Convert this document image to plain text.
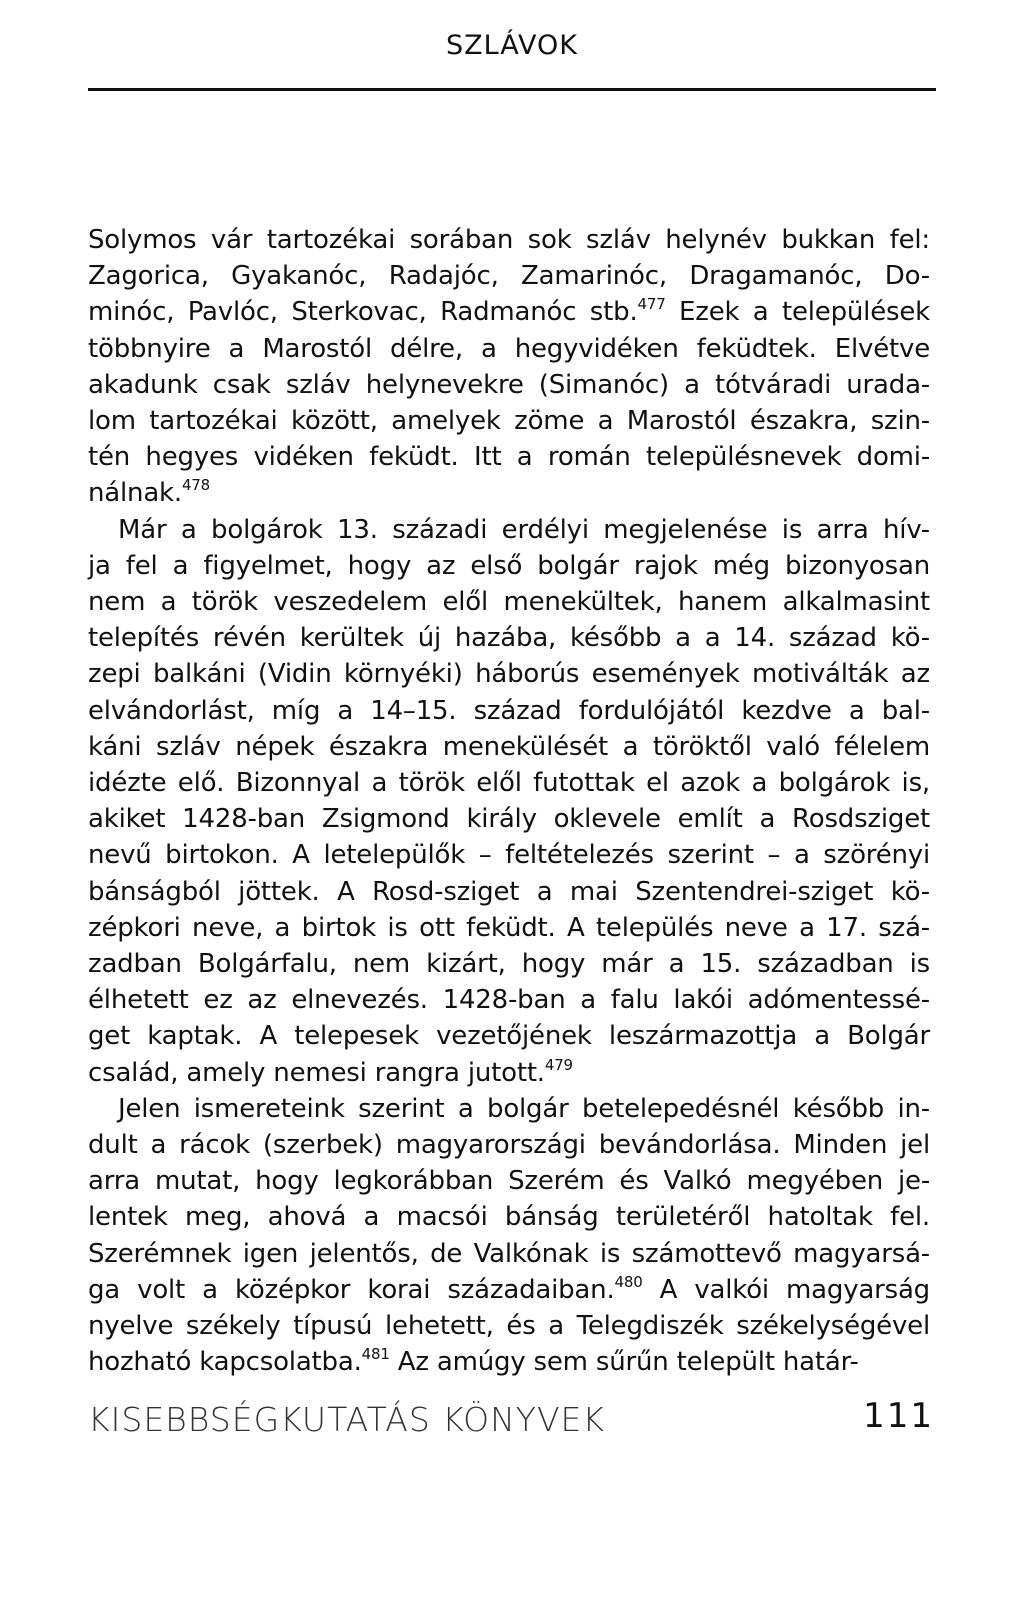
SZLÁVOK
Solymos vár tartozékai sorában sok szláv helynév bukkan fel:
Zagorica, Gyakanóc, Radajóc, Zamarinóc, Dragamanóc, Do-
minóc, Pavlóc, Sterkovac, Radmanóc stb.$^{477}$ Ezek a települések
többnyire a Marostól délre, a hegyvidéken feküdtek. Elvétve
akadunk csak szláv helynevekre (Simanóc) a tótváradi urada-
lom tartozékai között, amelyek zöme a Marostól északra, szin-
tén hegyes vidéken feküdt. Itt a román településnevek domi-
nálnak.$^{478}$
Már a bolgárok 13. századi erdélyi megjelenése is arra hív-
ja fel a figyelmet, hogy az első bolgár rajok még bizonyosan
nem a török veszedelem elől menekültek, hanem alkalmasint
telepítés révén kerültek új hazába, később a a 14. század kö-
zepi balkáni (Vidin környéki) háborús események motiválták az
elvándorlást, míg a 14–15. század fordulójától kezdve a bal-
káni szláv népek északra menekülését a töröktől való félelem
idézte elő. Bizonnyal a török elől futottak el azok a bolgárok is,
akiket 1428-ban Zsigmond király oklevele említ a Rosdsziget
nevű birtokon. A letelepülők – feltételezés szerint – a szörényi
bánságból jöttek. A Rosd-sziget a mai Szentendrei-sziget kö-
zépkori neve, a birtok is ott feküdt. A település neve a 17. szá-
zadban Bolgárfalu, nem kizárt, hogy már a 15. században is
élhetett ez az elnevezés. 1428-ban a falu lakói adómentessé-
get kaptak. A telepesek vezetőjének leszármazottja a Bolgár
család, amely nemesi rangra jutott.$^{479}$
Jelen ismereteink szerint a bolgár betelepedésnél később in-
dult a rácok (szerbek) magyarországi bevándorlása. Minden jel
arra mutat, hogy legkorábban Szerém és Valkó megyében je-
lentek meg, ahová a macsói bánság területéről hatoltak fel.
Szerémnek igen jelentős, de Valkónak is számottevő magyarsá-
ga volt a középkor korai századaiban.$^{480}$ A valkói magyarság
nyelve székely típusú lehetett, és a Telegdiszék székelységével
hozható kapcsolatba.$^{481}$ Az amúgy sem sűrűn települt határ-
KISEBBSÉGKUTATÁS KÖNYVEK	111
